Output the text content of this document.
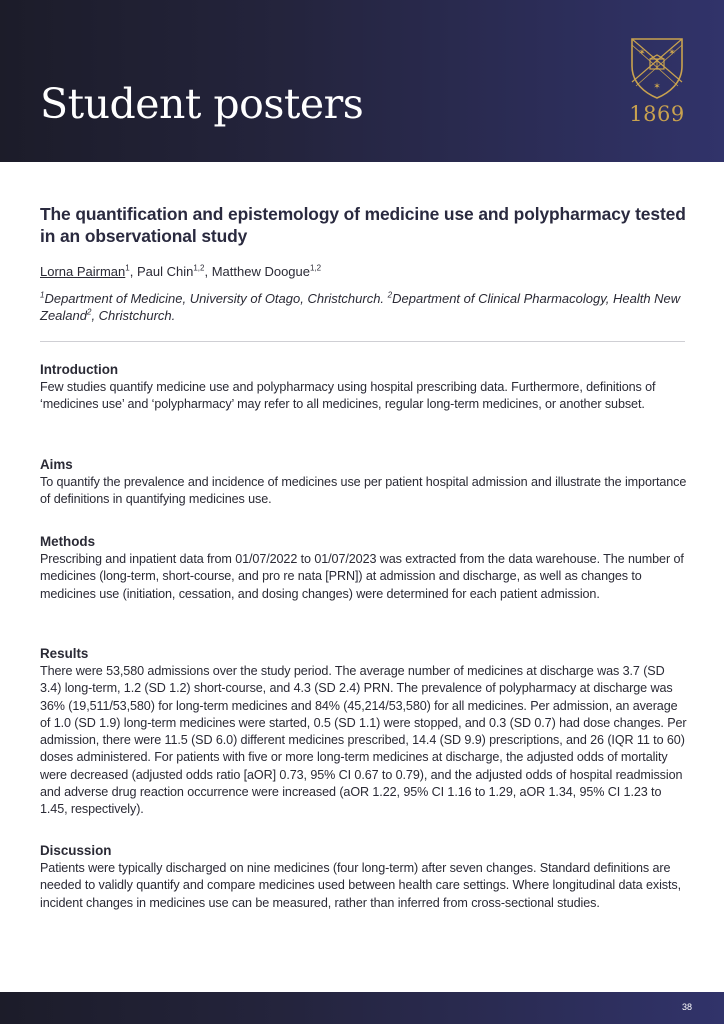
Student posters
✶ ✶
✶
1869
The quantification and epistemology of medicine use and polypharmacy tested in an observational study

Lorna Pairman$^1$, Paul Chin$^{1,2}$, Matthew Doogue$^{1,2}$

$^1$Department of Medicine, University of Otago, Christchurch. $^2$Department of Clinical Pharmacology, Health New Zealand$^2$, Christchurch.

Introduction

Few studies quantify medicine use and polypharmacy using hospital prescribing data. Furthermore, definitions of ‘medicines use’ and ‘polypharmacy’ may refer to all medicines, regular long-term medicines, or another subset.

Aims

To quantify the prevalence and incidence of medicines use per patient hospital admission and illustrate the importance of definitions in quantifying medicines use.

Methods

Prescribing and inpatient data from 01/07/2022 to 01/07/2023 was extracted from the data warehouse. The number of medicines (long-term, short-course, and pro re nata [PRN]) at admission and discharge, as well as changes to medicines use (initiation, cessation, and dosing changes) were determined for each patient admission.

Results

There were 53,580 admissions over the study period. The average number of medicines at discharge was 3.7 (SD 3.4) long-term, 1.2 (SD 1.2) short-course, and 4.3 (SD 2.4) PRN. The prevalence of polypharmacy at discharge was 36% (19,511/53,580) for long-term medicines and 84% (45,214/53,580) for all medicines. Per admission, an average of 1.0 (SD 1.9) long-term medicines were started, 0.5 (SD 1.1) were stopped, and 0.3 (SD 0.7) had dose changes. Per admission, there were 11.5 (SD 6.0) different medicines prescribed, 14.4 (SD 9.9) prescriptions, and 26 (IQR 11 to 60) doses administered. For patients with five or more long-term medicines at discharge, the adjusted odds of mortality were decreased (adjusted odds ratio [aOR] 0.73, 95% CI 0.67 to 0.79), and the adjusted odds of hospital readmission and adverse drug reaction occurrence were increased (aOR 1.22, 95% CI 1.16 to 1.29, aOR 1.34, 95% CI 1.23 to 1.45, respectively).

Discussion

Patients were typically discharged on nine medicines (four long-term) after seven changes. Standard definitions are needed to validly quantify and compare medicines used between health care settings. Where longitudinal data exists, incident changes in medicines use can be measured, rather than inferred from cross-sectional studies.

38
